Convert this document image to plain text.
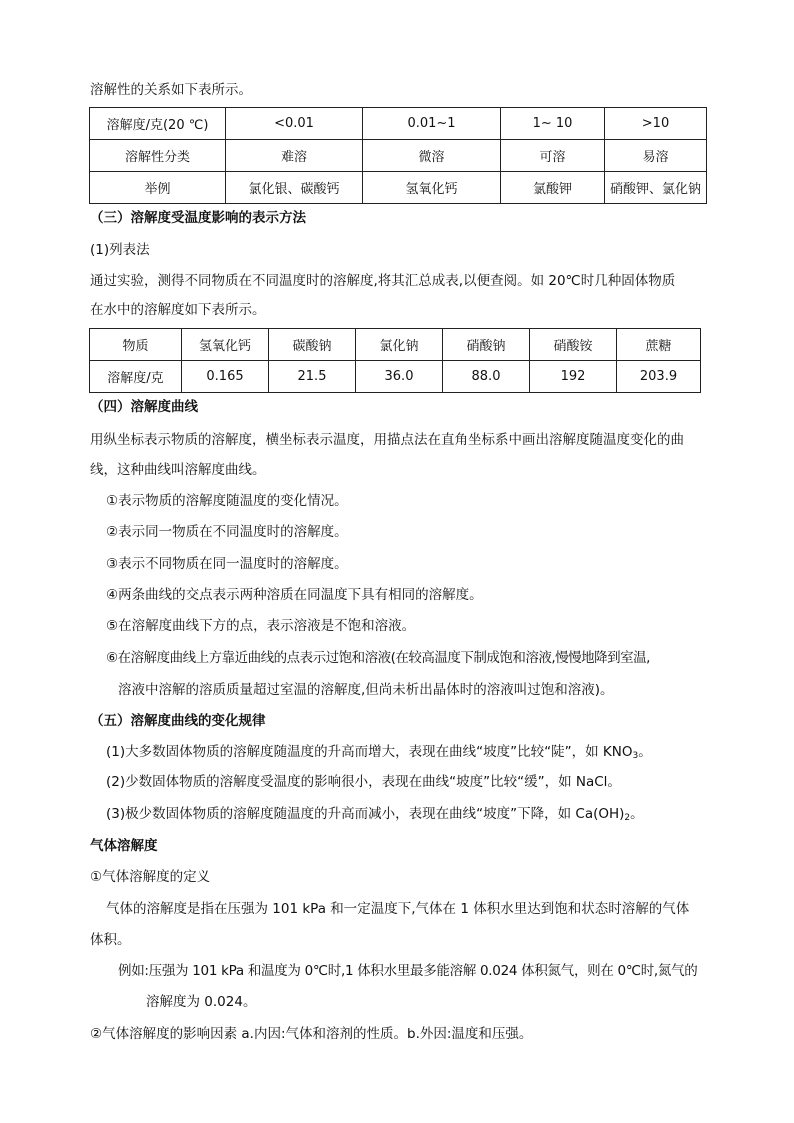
溶解性的关系如下表所示。
溶解度/克(20 ℃)	<0.01	0.01~1	1~ 10	>10
溶解性分类	难溶	微溶	可溶	易溶
举例	氯化银、碳酸钙	氢氧化钙	氯酸钾	硝酸钾、氯化钠
（三）溶解度受温度影响的表示方法
(1)列表法
通过实验，测得不同物质在不同温度时的溶解度,将其汇总成表,以便查阅。如 20℃时几种固体物质
在水中的溶解度如下表所示。
物质	氢氧化钙	碳酸钠	氯化钠	硝酸钠	硝酸铵	蔗糖
溶解度/克	0.165	21.5	36.0	88.0	192	203.9
（四）溶解度曲线
用纵坐标表示物质的溶解度，横坐标表示温度，用描点法在直角坐标系中画出溶解度随温度变化的曲
线，这种曲线叫溶解度曲线。
①表示物质的溶解度随温度的变化情况。
②表示同一物质在不同温度时的溶解度。
③表示不同物质在同一温度时的溶解度。
④两条曲线的交点表示两种溶质在同温度下具有相同的溶解度。
⑤在溶解度曲线下方的点，表示溶液是不饱和溶液。
⑥在溶解度曲线上方靠近曲线的点表示过饱和溶液(在较高温度下制成饱和溶液,慢慢地降到室温,
溶液中溶解的溶质质量超过室温的溶解度,但尚未析出晶体时的溶液叫过饱和溶液)。
（五）溶解度曲线的变化规律
(1)大多数固体物质的溶解度随温度的升高而增大，表现在曲线“坡度”比较“陡”，如 $KNO_3$。
(2)少数固体物质的溶解度受温度的影响很小，表现在曲线“坡度”比较“缓”，如 NaCl。
(3)极少数固体物质的溶解度随温度的升高而减小，表现在曲线“坡度”下降，如 $Ca(OH)_2$。
气体溶解度
①气体溶解度的定义
气体的溶解度是指在压强为 101 kPa 和一定温度下,气体在 1 体积水里达到饱和状态时溶解的气体
体积。
例如:压强为 101 kPa 和温度为 0℃时,1 体积水里最多能溶解 0.024 体积氮气，则在 0℃时,氮气的
溶解度为 0.024。
②气体溶解度的影响因素 a.内因:气体和溶剂的性质。b.外因:温度和压强。
